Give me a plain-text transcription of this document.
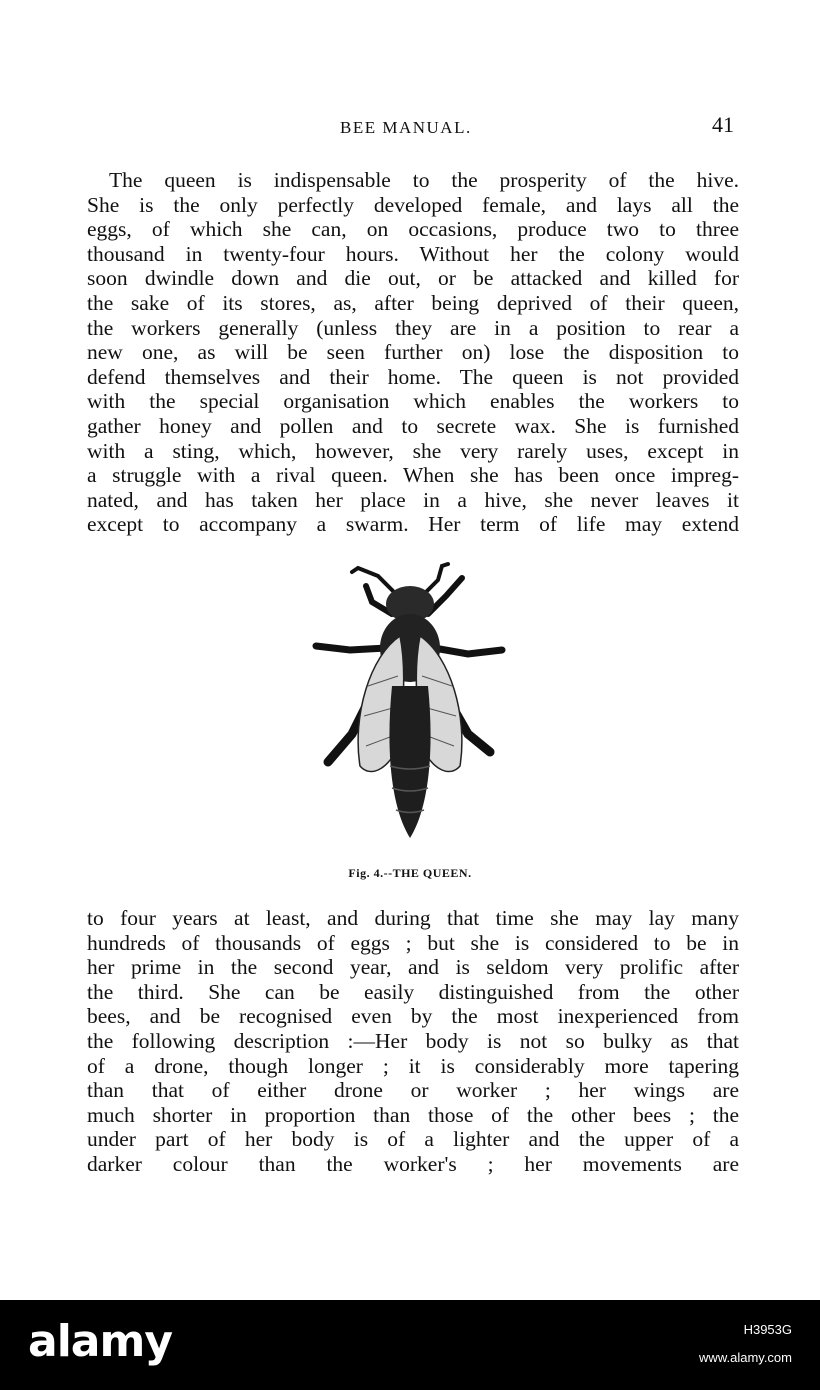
BEE MANUAL.	41
The queen is indispensable to the prosperity of the hive.
She is the only perfectly developed female, and lays all the
eggs, of which she can, on occasions, produce two to three
thousand in twenty-four hours. Without her the colony would
soon dwindle down and die out, or be attacked and killed for
the sake of its stores, as, after being deprived of their queen,
the workers generally (unless they are in a position to rear a
new one, as will be seen further on) lose the disposition to
defend themselves and their home. The queen is not provided
with the special organisation which enables the workers to
gather honey and pollen and to secrete wax. She is furnished
with a sting, which, however, she very rarely uses, except in
a struggle with a rival queen. When she has been once impreg-
nated, and has taken her place in a hive, she never leaves it
except to accompany a swarm. Her term of life may extend
Fig. 4.--THE QUEEN.
to four years at least, and during that time she may lay many
hundreds of thousands of eggs ; but she is considered to be in
her prime in the second year, and is seldom very prolific after
the third. She can be easily distinguished from the other
bees, and be recognised even by the most inexperienced from
the following description :—Her body is not so bulky as that
of a drone, though longer ; it is considerably more tapering
than that of either drone or worker ; her wings are
much shorter in proportion than those of the other bees ; the
under part of her body is of a lighter and the upper of a
darker colour than the worker's ; her movements are
alamy	H3953G
www.alamy.com
